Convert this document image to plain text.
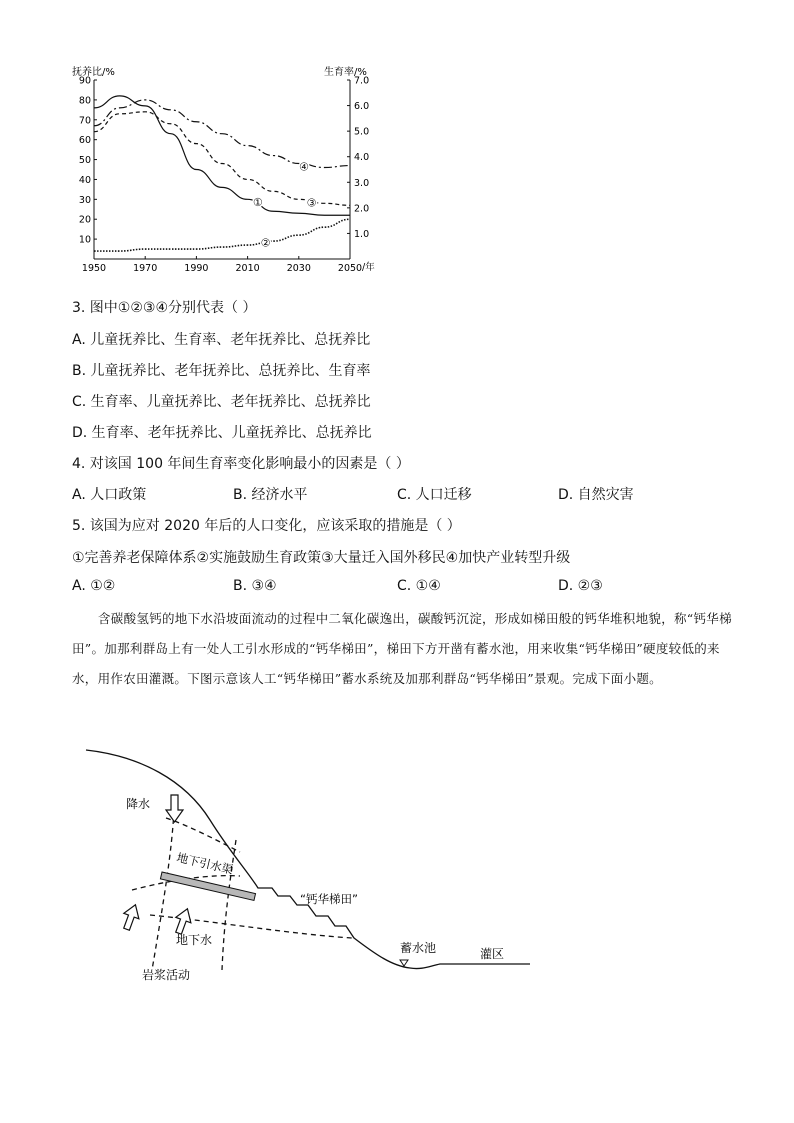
抚养比/%	生育率/%
/年
1950	1970	1990	2010	2030	2050
90
80
70
60
50
40
30
20
10
7.0
6.0
5.0
4.0
3.0
2.0
1.0
①
②
③
④
3. 图中①②③④分别代表（ ）
A. 儿童抚养比、生育率、老年抚养比、总抚养比
B. 儿童抚养比、老年抚养比、总抚养比、生育率
C. 生育率、儿童抚养比、老年抚养比、总抚养比
D. 生育率、老年抚养比、儿童抚养比、总抚养比
4. 对该国 100 年间生育率变化影响最小的因素是（ ）
A. 人口政策	B. 经济水平	C. 人口迁移	D. 自然灾害
5. 该国为应对 2020 年后的人口变化，应该采取的措施是（ ）
①完善养老保障体系②实施鼓励生育政策③大量迁入国外移民④加快产业转型升级
A. ①②	B. ③④	C. ①④	D. ②③
含碳酸氢钙的地下水沿坡面流动的过程中二氧化碳逸出，碳酸钙沉淀，形成如梯田般的钙华堆积地貌，称“钙华梯田”。加那利群岛上有一处人工引水形成的“钙华梯田”，梯田下方开凿有蓄水池，用来收集“钙华梯田”硬度较低的来水，用作农田灌溉。下图示意该人工“钙华梯田”蓄水系统及加那利群岛“钙华梯田”景观。完成下面小题。
降水
地下引水渠
“钙华梯田”
地下水
岩浆活动
蓄水池	灌区
